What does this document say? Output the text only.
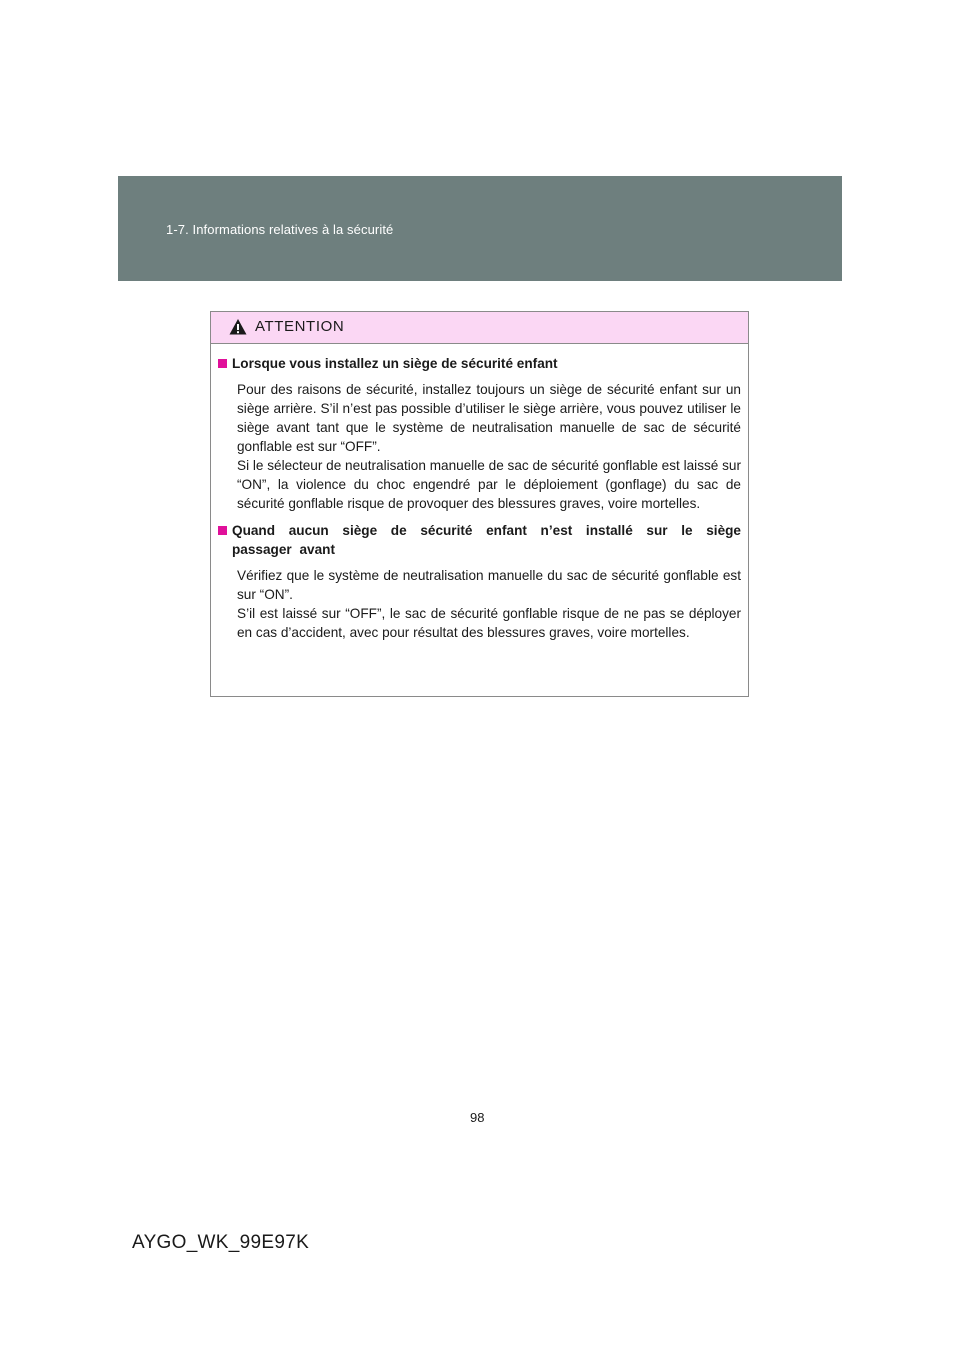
1-7. Informations relatives à la sécurité
ATTENTION
Lorsque vous installez un siège de sécurité enfant
Pour des raisons de sécurité, installez toujours un siège de sécurité enfant sur un siège arrière. S’il n’est pas possible d’utiliser le siège arrière, vous pouvez utiliser le siège avant tant que le système de neutralisation manuelle de sac de sécurité gonflable est sur “OFF”.
Si le sélecteur de neutralisation manuelle de sac de sécurité gonflable est laissé sur “ON”, la violence du choc engendré par le déploiement (gonflage) du sac de sécurité gonflable risque de provoquer des blessures graves, voire mortelles.
Quand aucun siège de sécurité enfant n’est installé sur le siège passager avant
Vérifiez que le système de neutralisation manuelle du sac de sécurité gonflable est sur “ON”.
S’il est laissé sur “OFF”, le sac de sécurité gonflable risque de ne pas se déployer en cas d’accident, avec pour résultat des blessures graves, voire mortelles.
98
AYGO_WK_99E97K
